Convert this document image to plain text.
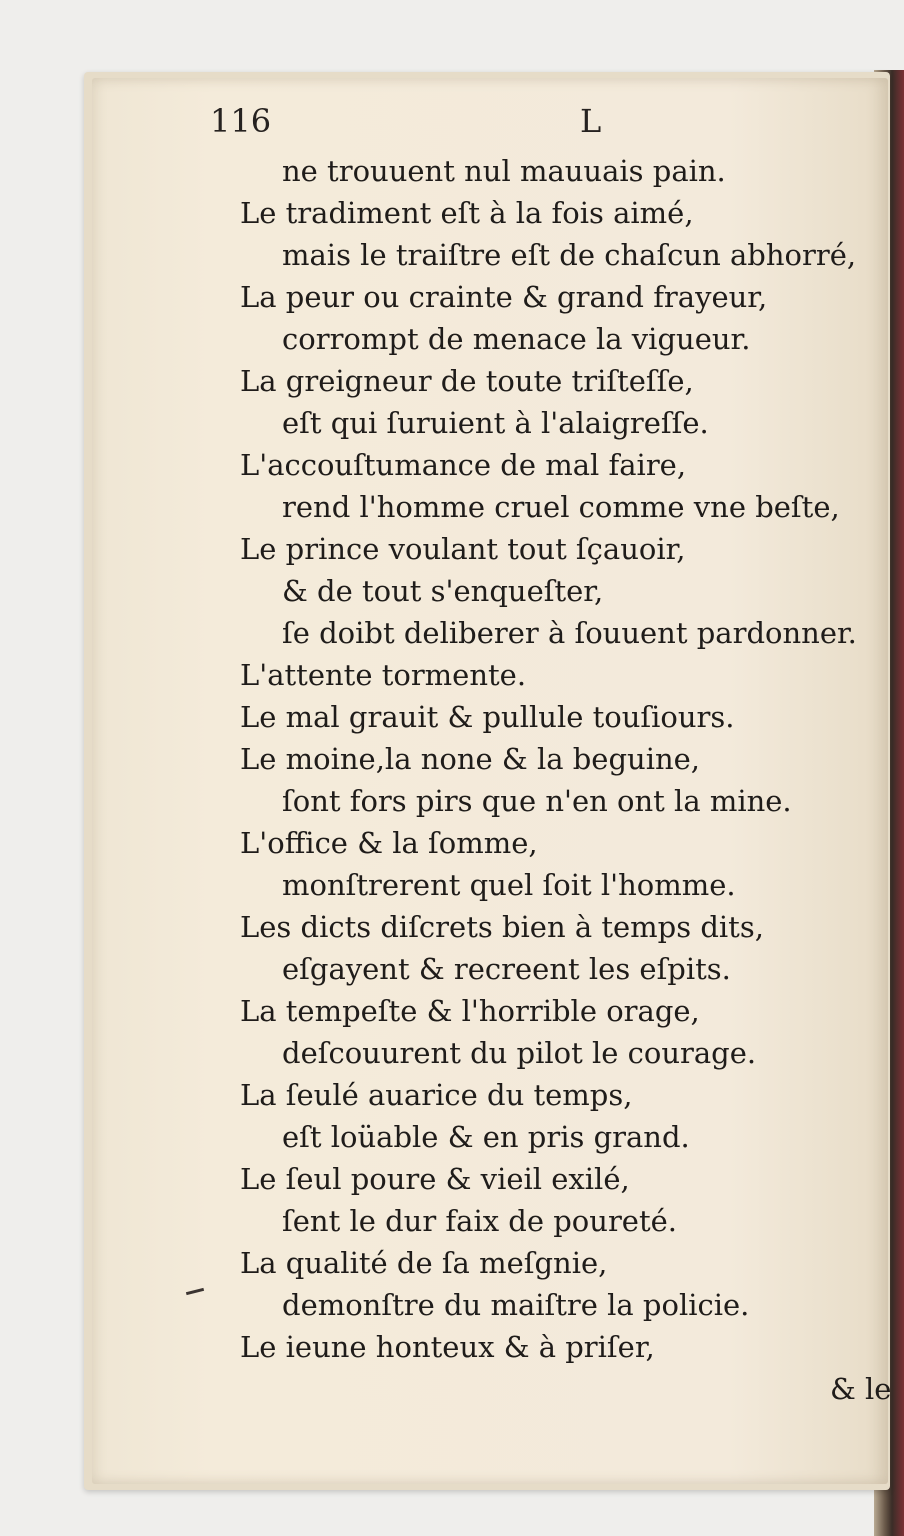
116	L
ne trouuent nul mauuais pain.
Le tradiment eſt à la fois aimé,
mais le traiſtre eſt de chaſcun abhorré,
La peur ou crainte & grand frayeur,
corrompt de menace la vigueur.
La greigneur de toute triſteſſe,
eſt qui ſuruient à l'alaigreſſe.
L'accouſtumance de mal faire,
rend l'homme cruel comme vne beſte,
Le prince voulant tout ſçauoir,
& de tout s'enqueſter,
ſe doibt deliberer à ſouuent pardonner.
L'attente tormente.
Le mal grauit & pullule touſiours.
Le moine,la none & la beguine,
ſont fors pirs que n'en ont la mine.
L'office & la ſomme,
monſtrerent quel ſoit l'homme.
Les dicts diſcrets bien à temps dits,
eſgayent & recreent les eſpits.
La tempeſte & l'horrible orage,
deſcouurent du pilot le courage.
La ſeulé auarice du temps,
eſt loüable & en pris grand.
Le ſeul poure & vieil exilé,
ſent le dur faix de poureté.
La qualité de ſa meſgnie,
demonſtre du maiſtre la policie.
Le ieune honteux & à priſer,
& le
